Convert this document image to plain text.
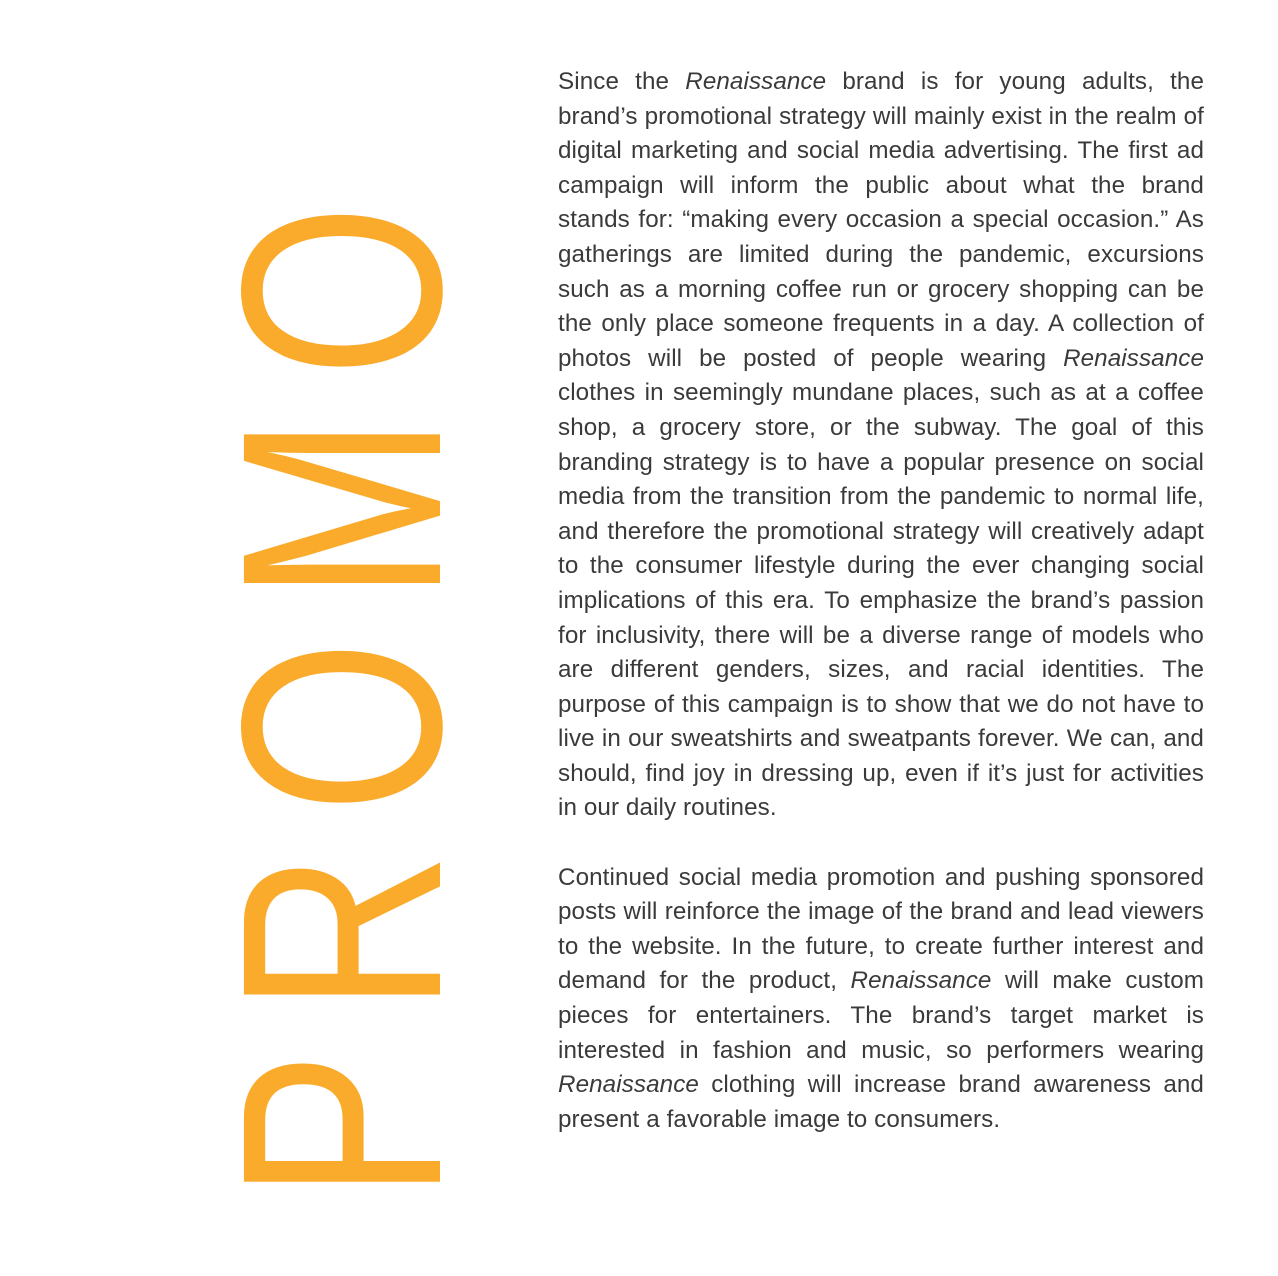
PROMO

Since the Renaissance brand is for young adults, the brand’s promotional strategy will mainly exist in the realm of digital marketing and social media advertising. The first ad campaign will inform the public about what the brand stands for: “making every occasion a special occasion.” As gatherings are limited during the pandemic, excursions such as a morning coffee run or grocery shopping can be the only place someone frequents in a day. A collection of photos will be posted of people wearing Renaissance clothes in seemingly mundane places, such as at a coffee shop, a grocery store, or the subway. The goal of this branding strategy is to have a popular presence on social media from the transition from the pandemic to normal life, and therefore the promotional strategy will creatively adapt to the consumer lifestyle during the ever changing social implications of this era. To emphasize the brand’s passion for inclusivity, there will be a diverse range of models who are different genders, sizes, and racial identities. The purpose of this campaign is to show that we do not have to live in our sweatshirts and sweatpants forever. We can, and should, find joy in dressing up, even if it’s just for activities in our daily routines.

Continued social media promotion and pushing sponsored posts will reinforce the image of the brand and lead viewers to the website. In the future, to create further interest and demand for the product, Renaissance will make custom pieces for entertainers. The brand’s target market is interested in fashion and music, so performers wearing Renaissance clothing will increase brand awareness and present a favorable image to consumers.
